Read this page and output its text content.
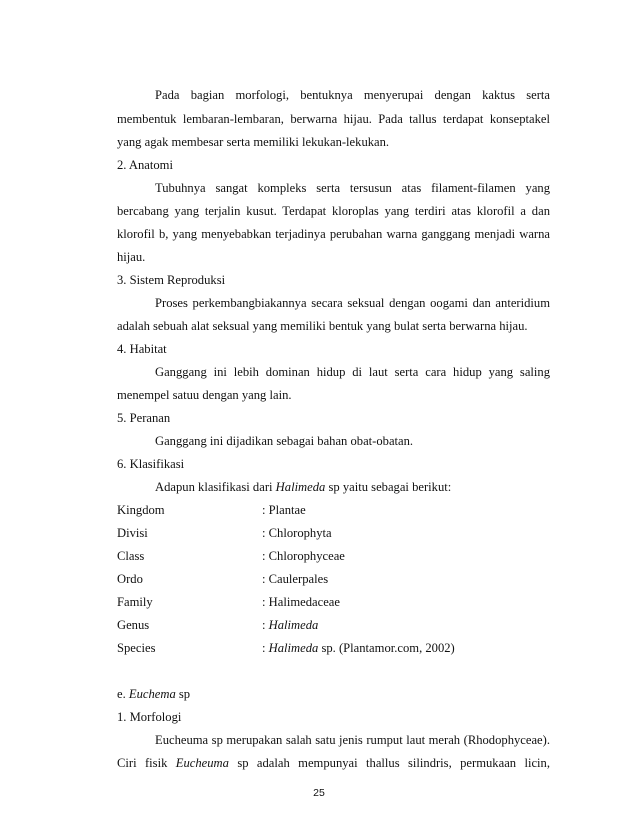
Pada bagian morfologi, bentuknya menyerupai dengan kaktus serta
membentuk lembaran-lembaran, berwarna hijau. Pada tallus terdapat konseptakel
yang agak membesar serta memiliki lekukan-lekukan.
2. Anatomi
Tubuhnya sangat kompleks serta tersusun atas filament-filamen yang
bercabang yang terjalin kusut. Terdapat kloroplas yang terdiri atas klorofil a dan
klorofil b, yang menyebabkan terjadinya perubahan warna ganggang menjadi warna
hijau.
3. Sistem Reproduksi
Proses perkembangbiakannya secara seksual dengan oogami dan anteridium
adalah sebuah alat seksual yang memiliki bentuk yang bulat serta berwarna hijau.
4. Habitat
Ganggang ini lebih dominan hidup di laut serta cara hidup yang saling
menempel satuu dengan yang lain.
5. Peranan
Ganggang ini dijadikan sebagai bahan obat-obatan.
6. Klasifikasi
Adapun klasifikasi dari Halimeda sp yaitu sebagai berikut:
Kingdom	: Plantae
Divisi	: Chlorophyta
Class	: Chlorophyceae
Ordo	: Caulerpales
Family	: Halimedaceae
Genus	: Halimeda
Species	: Halimeda sp. (Plantamor.com, 2002)
e. Euchema sp
1. Morfologi
Eucheuma sp merupakan salah satu jenis rumput laut merah (Rhodophyceae).
Ciri fisik Eucheuma sp adalah mempunyai thallus silindris, permukaan licin,
25
